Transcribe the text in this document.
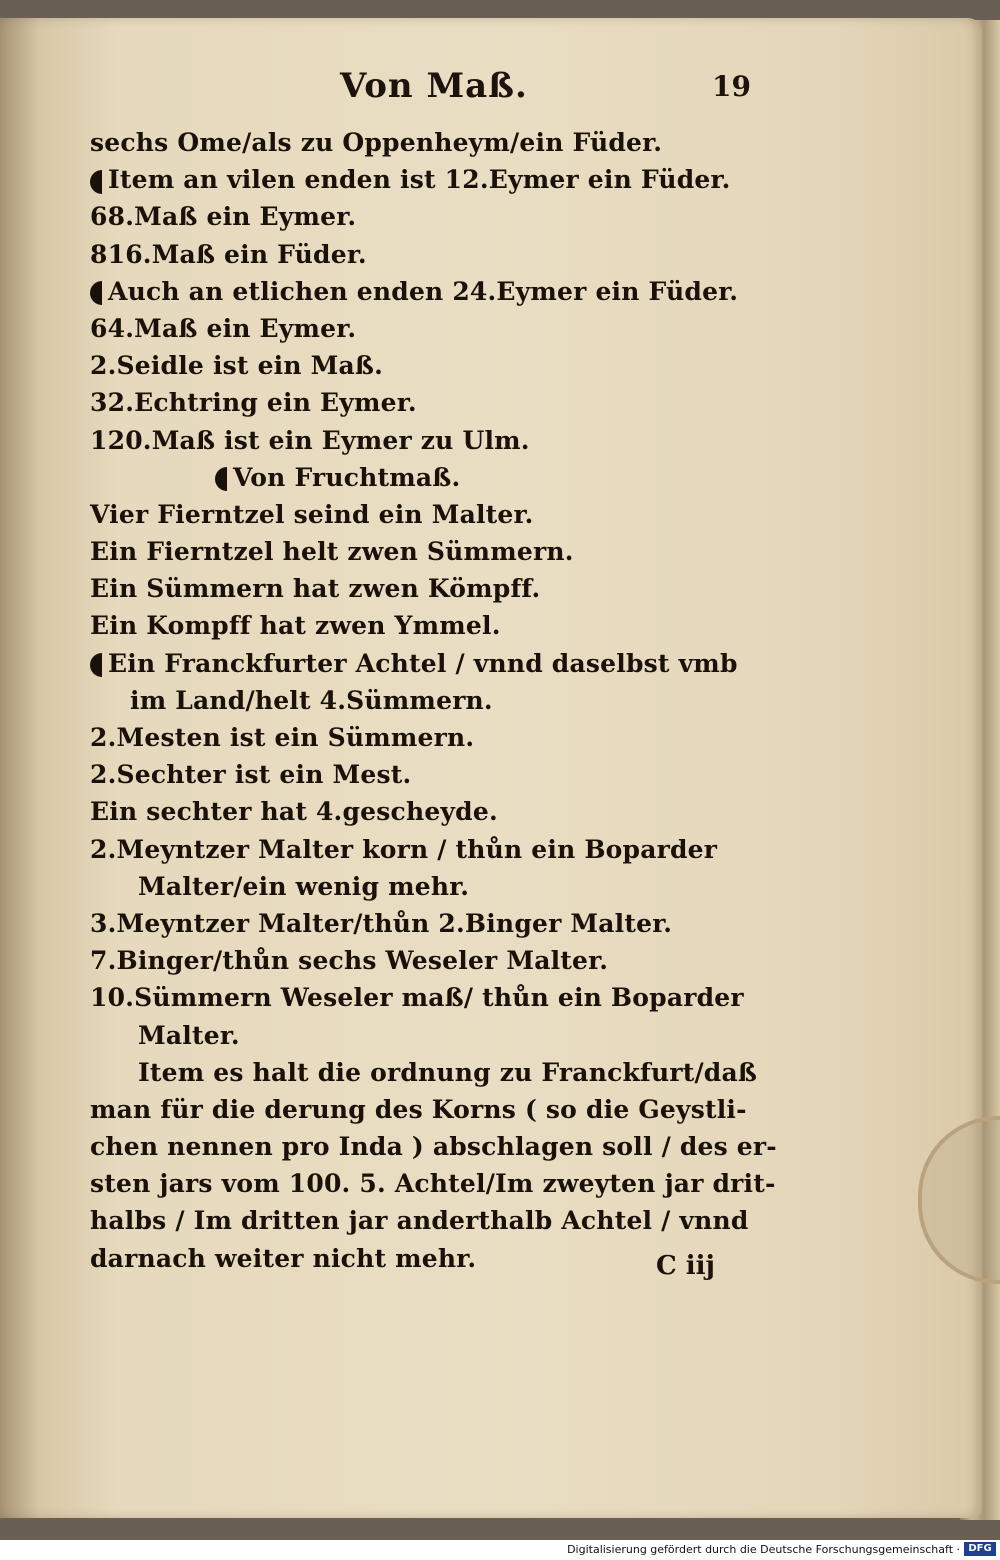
Von Maß.	19
sechs Ome/als zu Oppenheym/ein Füder.
Item an vilen enden ist 12.Eymer ein Füder.
68.Maß ein Eymer.
816.Maß ein Füder.
Auch an etlichen enden 24.Eymer ein Füder.
64.Maß ein Eymer.
2.Seidle ist ein Maß.
32.Echtring ein Eymer.
120.Maß ist ein Eymer zu Ulm.
Von Fruchtmaß.
Vier Fierntzel seind ein Malter.
Ein Fierntzel helt zwen Sümmern.
Ein Sümmern hat zwen Kömpff.
Ein Kompff hat zwen Ymmel.
Ein Franckfurter Achtel / vnnd daselbst vmb
im Land/helt 4.Sümmern.
2.Mesten ist ein Sümmern.
2.Sechter ist ein Mest.
Ein sechter hat 4.gescheyde.
2.Meyntzer Malter korn / thůn ein Boparder
Malter/ein wenig mehr.
3.Meyntzer Malter/thůn 2.Binger Malter.
7.Binger/thůn sechs Weseler Malter.
10.Sümmern Weseler maß/ thůn ein Boparder
Malter.
Item es halt die ordnung zu Franckfurt/daß
man für die derung des Korns ( so die Geystli-
chen nennen pro Inda ) abschlagen soll / des er-
sten jars vom 100. 5. Achtel/Im zweyten jar drit-
halbs / Im dritten jar anderthalb Achtel / vnnd
darnach weiter nicht mehr.	C iij
Digitalisierung gefördert durch die Deutsche Forschungsgemeinschaft · DFG
